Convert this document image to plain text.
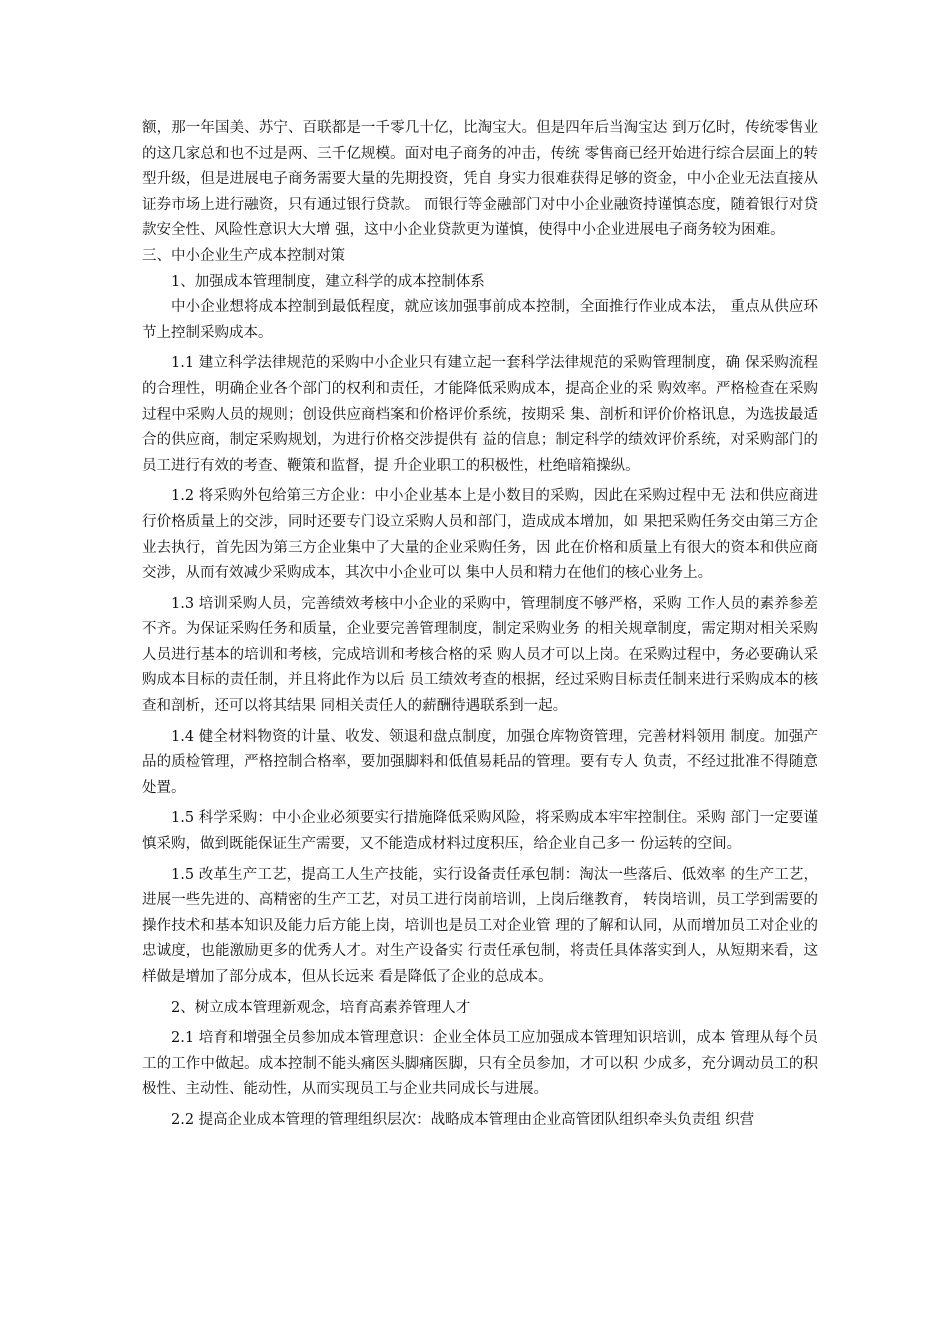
额，那一年国美、苏宁、百联都是一千零几十亿，比淘宝大。但是四年后当淘宝达 到万亿时，传统零售业的这几家总和也不过是两、三千亿规模。面对电子商务的冲击，传统 零售商已经开始进行综合层面上的转型升级，但是进展电子商务需要大量的先期投资，凭自 身实力很难获得足够的资金，中小企业无法直接从证券市场上进行融资，只有通过银行贷款。 而银行等金融部门对中小企业融资持谨慎态度，随着银行对贷款安全性、风险性意识大大增 强，这中小企业贷款更为谨慎，使得中小企业进展电子商务较为困难。

三、中小企业生产成本控制对策

1、加强成本管理制度，建立科学的成本控制体系

中小企业想将成本控制到最低程度，就应该加强事前成本控制，全面推行作业成本法， 重点从供应环节上控制采购成本。

1.1 建立科学法律规范的采购中小企业只有建立起一套科学法律规范的采购管理制度，确 保采购流程的合理性，明确企业各个部门的权利和责任，才能降低采购成本，提高企业的采 购效率。严格检查在采购过程中采购人员的规则；创设供应商档案和价格评价系统，按期采 集、剖析和评价价格讯息，为选拔最适合的供应商，制定采购规划，为进行价格交涉提供有 益的信息；制定科学的绩效评价系统，对采购部门的员工进行有效的考查、鞭策和监督，提 升企业职工的积极性，杜绝暗箱操纵。

1.2 将采购外包给第三方企业：中小企业基本上是小数目的采购，因此在采购过程中无 法和供应商进行价格质量上的交涉，同时还要专门设立采购人员和部门，造成成本增加，如 果把采购任务交由第三方企业去执行，首先因为第三方企业集中了大量的企业采购任务，因 此在价格和质量上有很大的资本和供应商交涉，从而有效减少采购成本，其次中小企业可以 集中人员和精力在他们的核心业务上。

1.3 培训采购人员，完善绩效考核中小企业的采购中，管理制度不够严格，采购 工作人员的素养参差不齐。为保证采购任务和质量，企业要完善管理制度，制定采购业务 的相关规章制度，需定期对相关采购人员进行基本的培训和考核，完成培训和考核合格的采 购人员才可以上岗。在采购过程中，务必要确认采购成本目标的责任制，并且将此作为以后 员工绩效考查的根据，经过采购目标责任制来进行采购成本的核查和剖析，还可以将其结果 同相关责任人的薪酬待遇联系到一起。

1.4 健全材料物资的计量、收发、领退和盘点制度，加强仓库物资管理，完善材料领用 制度。加强产品的质检管理，严格控制合格率，要加强脚料和低值易耗品的管理。要有专人 负责，不经过批准不得随意处置。

1.5 科学采购：中小企业必须要实行措施降低采购风险，将采购成本牢牢控制住。采购 部门一定要谨慎采购，做到既能保证生产需要，又不能造成材料过度积压，给企业自己多一 份运转的空间。

1.5 改革生产工艺，提高工人生产技能，实行设备责任承包制：淘汰一些落后、低效率 的生产工艺，进展一些先进的、高精密的生产工艺，对员工进行岗前培训，上岗后继教育， 转岗培训，员工学到需要的操作技术和基本知识及能力后方能上岗，培训也是员工对企业管 理的了解和认同，从而增加员工对企业的忠诚度，也能激励更多的优秀人才。对生产设备实 行责任承包制，将责任具体落实到人，从短期来看，这样做是增加了部分成本，但从长远来 看是降低了企业的总成本。

2、树立成本管理新观念，培育高素养管理人才

2.1 培育和增强全员参加成本管理意识：企业全体员工应加强成本管理知识培训，成本 管理从每个员工的工作中做起。成本控制不能头痛医头脚痛医脚，只有全员参加，才可以积 少成多，充分调动员工的积极性、主动性、能动性，从而实现员工与企业共同成长与进展。

2.2 提高企业成本管理的管理组织层次：战略成本管理由企业高管团队组织牵头负责组 织营
